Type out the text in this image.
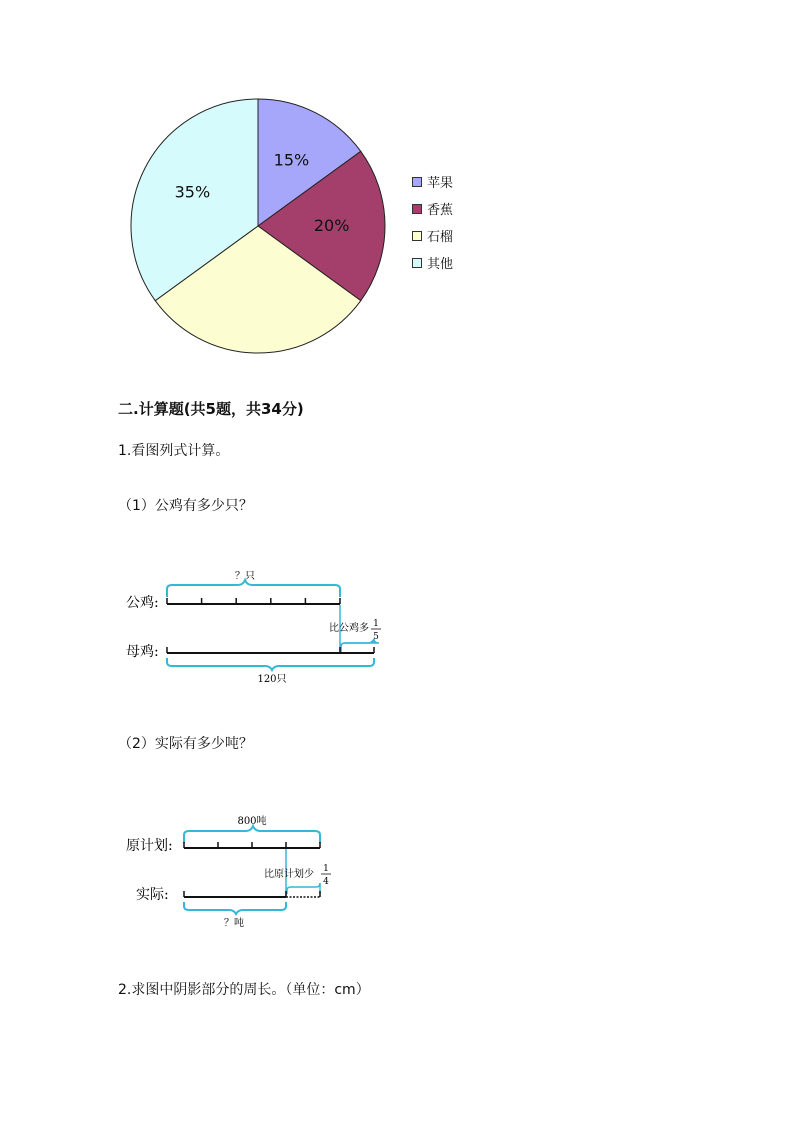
15%
20%
35%	苹果
香蕉
石榴
其他
二.计算题(共5题，共34分)
1.看图列式计算。
（1）公鸡有多少只？
？只
公鸡:
比公鸡多 1
5
母鸡:
120只
（2）实际有多少吨？
800吨
原计划:
比原计划少 1
4
实际:
？吨
2.求图中阴影部分的周长。（单位：cm）
